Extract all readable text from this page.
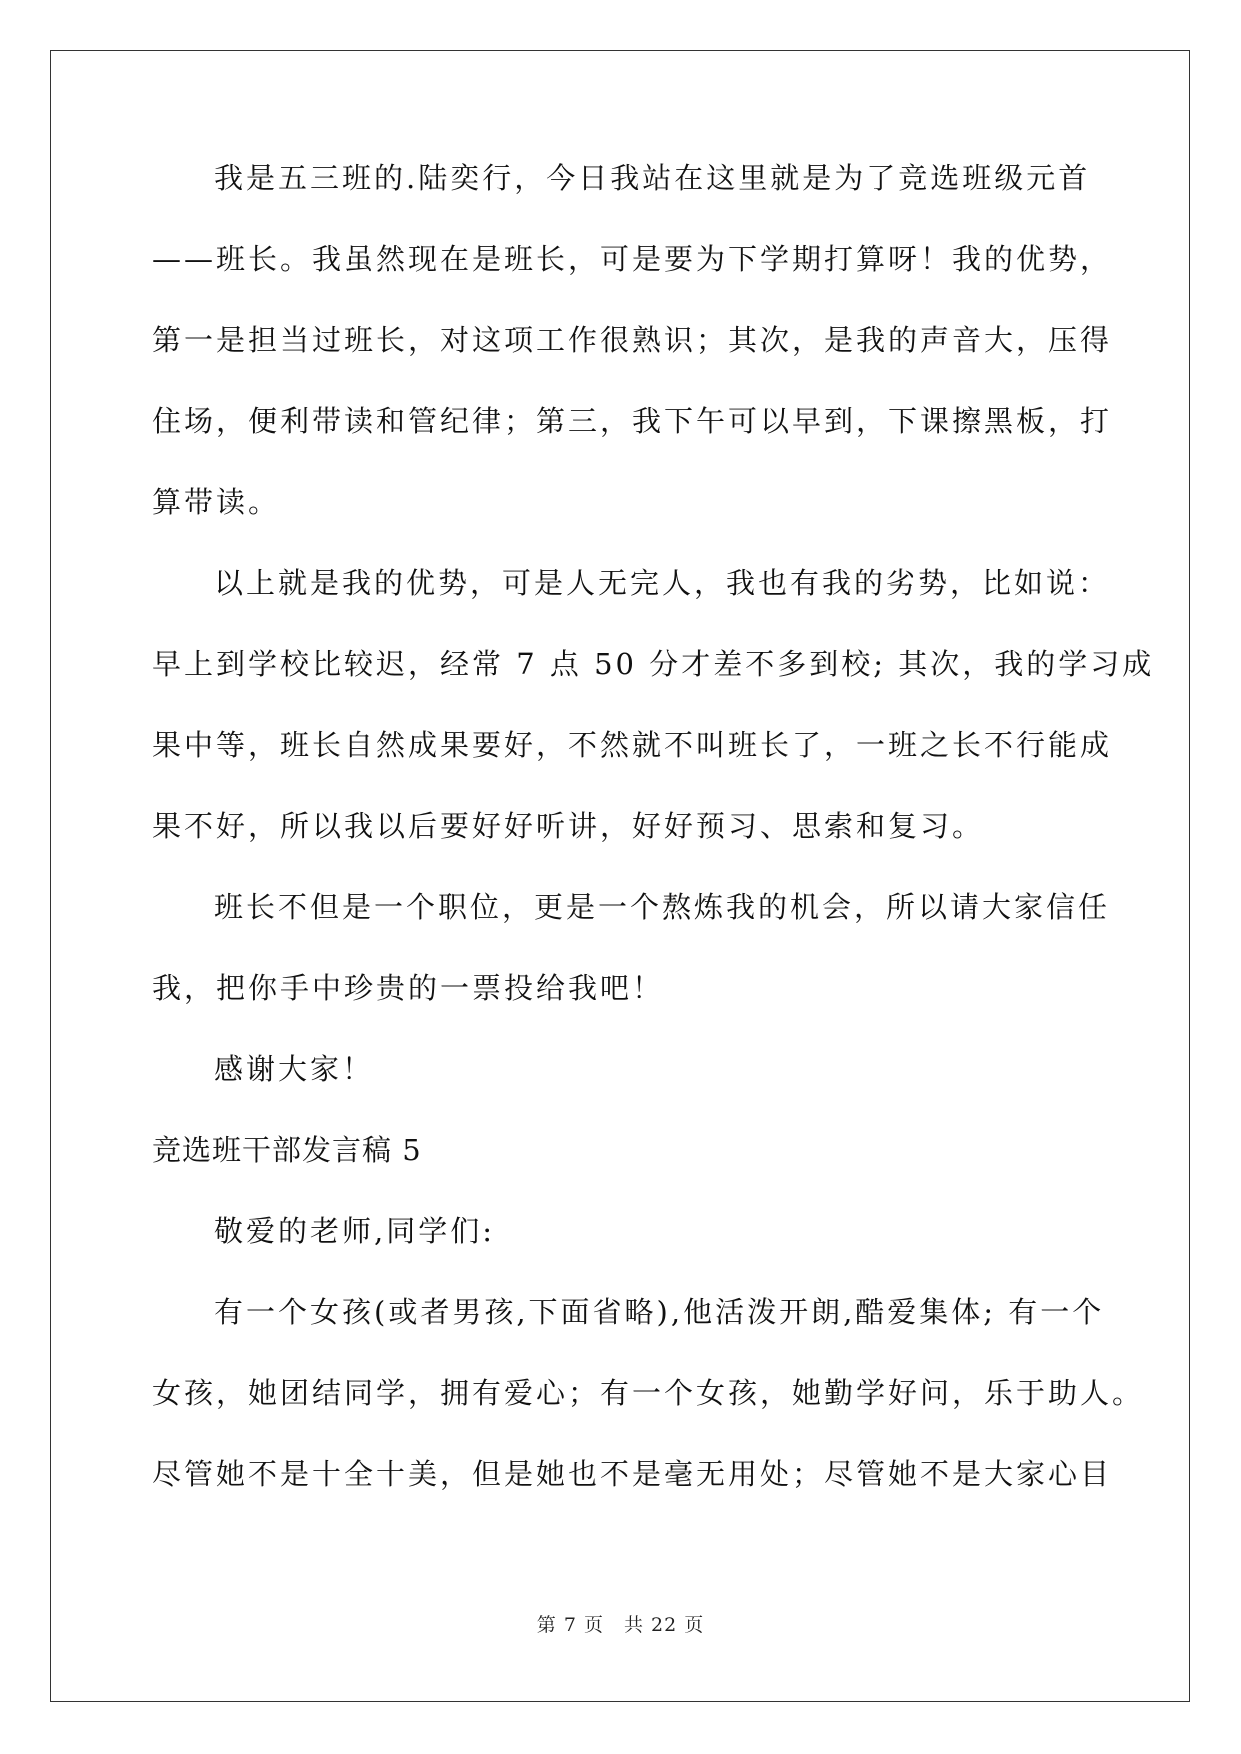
我是五三班的.陆奕行，今日我站在这里就是为了竞选班级元首
——班长。我虽然现在是班长，可是要为下学期打算呀！我的优势，
第一是担当过班长，对这项工作很熟识；其次，是我的声音大，压得
住场，便利带读和管纪律；第三，我下午可以早到，下课擦黑板，打
算带读。
以上就是我的优势，可是人无完人，我也有我的劣势，比如说：
早上到学校比较迟，经常 7 点 50 分才差不多到校; 其次，我的学习成
果中等，班长自然成果要好，不然就不叫班长了，一班之长不行能成
果不好，所以我以后要好好听讲，好好预习、思索和复习。
班长不但是一个职位，更是一个熬炼我的机会，所以请大家信任
我，把你手中珍贵的一票投给我吧！
感谢大家！
竞选班干部发言稿 5
敬爱的老师,同学们:
有一个女孩(或者男孩,下面省略),他活泼开朗,酷爱集体; 有一个
女孩，她团结同学，拥有爱心；有一个女孩，她勤学好问，乐于助人。
尽管她不是十全十美，但是她也不是毫无用处；尽管她不是大家心目
第 7 页 共 22 页
